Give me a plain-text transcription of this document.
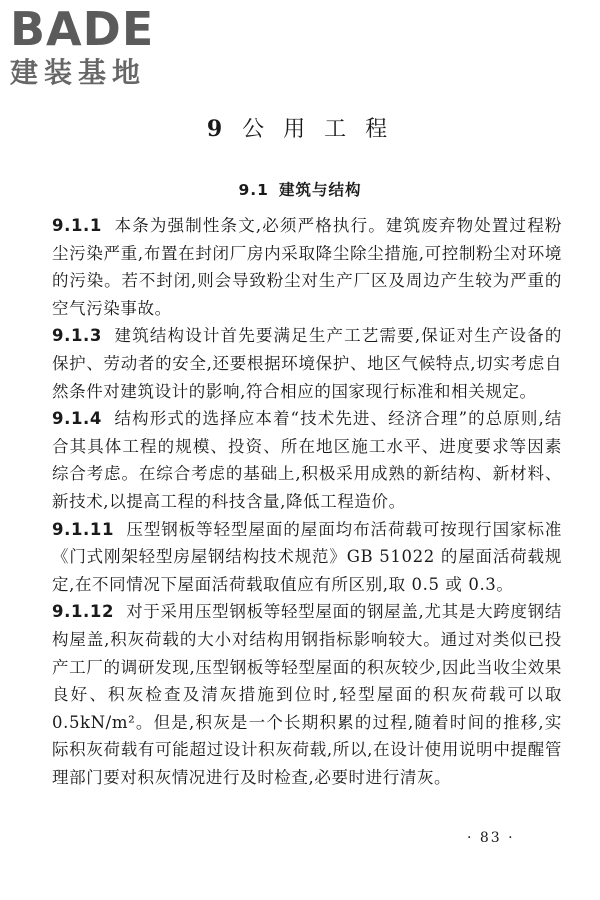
BADE
建装基地
9 公 用 工 程
9.1 建筑与结构

9.1.1 本条为强制性条文,必须严格执行。建筑废弃物处置过程粉尘污染严重,布置在封闭厂房内采取降尘除尘措施,可控制粉尘对环境的污染。若不封闭,则会导致粉尘对生产厂区及周边产生较为严重的空气污染事故。

9.1.3 建筑结构设计首先要满足生产工艺需要,保证对生产设备的保护、劳动者的安全,还要根据环境保护、地区气候特点,切实考虑自然条件对建筑设计的影响,符合相应的国家现行标准和相关规定。

9.1.4 结构形式的选择应本着“技术先进、经济合理”的总原则,结合其具体工程的规模、投资、所在地区施工水平、进度要求等因素综合考虑。在综合考虑的基础上,积极采用成熟的新结构、新材料、新技术,以提高工程的科技含量,降低工程造价。

9.1.11 压型钢板等轻型屋面的屋面均布活荷载可按现行国家标准《门式刚架轻型房屋钢结构技术规范》GB 51022 的屋面活荷载规定,在不同情况下屋面活荷载取值应有所区别,取 0.5 或 0.3。

9.1.12 对于采用压型钢板等轻型屋面的钢屋盖,尤其是大跨度钢结构屋盖,积灰荷载的大小对结构用钢指标影响较大。通过对类似已投产工厂的调研发现,压型钢板等轻型屋面的积灰较少,因此当收尘效果良好、积灰检查及清灰措施到位时,轻型屋面的积灰荷载可以取 0.5kN/m²。但是,积灰是一个长期积累的过程,随着时间的推移,实际积灰荷载有可能超过设计积灰荷载,所以,在设计使用说明中提醒管理部门要对积灰情况进行及时检查,必要时进行清灰。

· 83 ·
